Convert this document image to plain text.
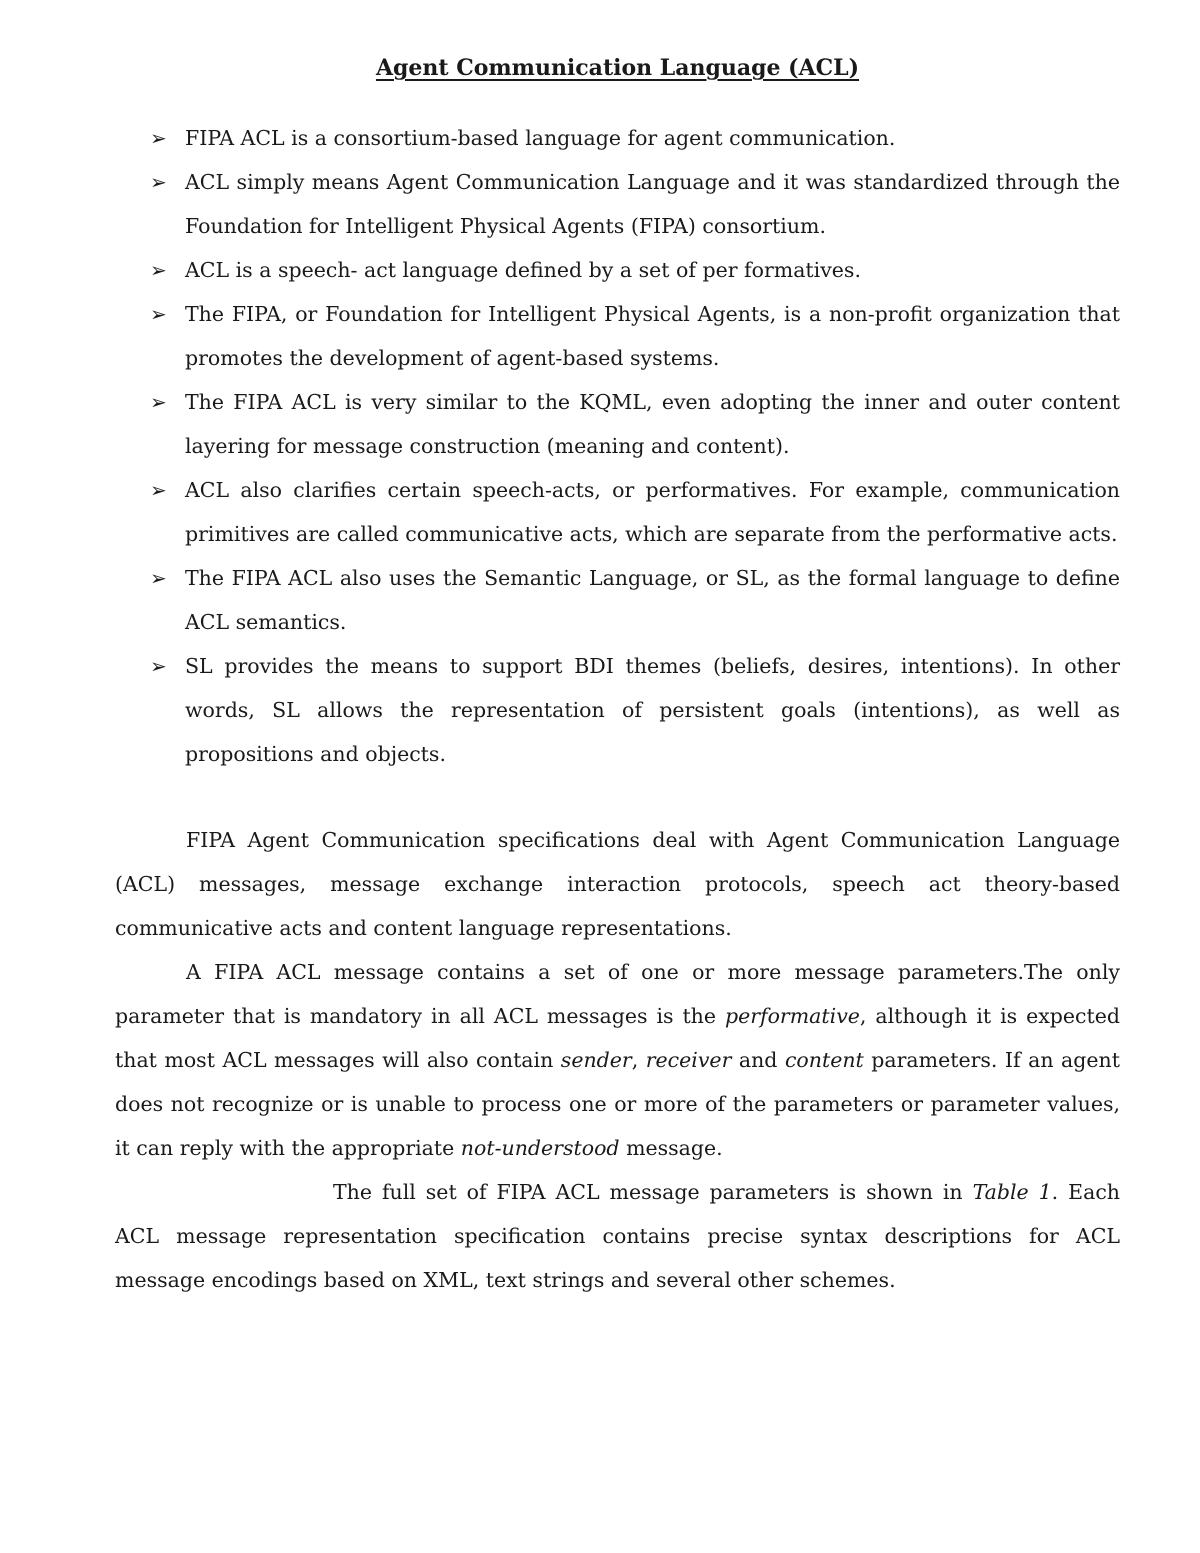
Agent Communication Language (ACL)
➢ FIPA ACL is a consortium-based language for agent communication.
➢ ACL simply means Agent Communication Language and it was standardized through the Foundation for Intelligent Physical Agents (FIPA) consortium.
➢ ACL is a speech- act language defined by a set of per formatives.
➢ The FIPA, or Foundation for Intelligent Physical Agents, is a non-profit organization that promotes the development of agent-based systems.
➢ The FIPA ACL is very similar to the KQML, even adopting the inner and outer content layering for message construction (meaning and content).
➢ ACL also clarifies certain speech-acts, or performatives. For example, communication primitives are called communicative acts, which are separate from the performative acts.
➢ The FIPA ACL also uses the Semantic Language, or SL, as the formal language to define ACL semantics.
➢ SL provides the means to support BDI themes (beliefs, desires, intentions). In other words, SL allows the representation of persistent goals (intentions), as well as propositions and objects.

FIPA Agent Communication specifications deal with Agent Communication Language (ACL) messages, message exchange interaction protocols, speech act theory-based communicative acts and content language representations.

A FIPA ACL message contains a set of one or more message parameters.The only parameter that is mandatory in all ACL messages is the performative, although it is expected that most ACL messages will also contain sender, receiver and content parameters. If an agent does not recognize or is unable to process one or more of the parameters or parameter values, it can reply with the appropriate not-understood message.

The full set of FIPA ACL message parameters is shown in Table 1. Each ACL message representation specification contains precise syntax descriptions for ACL message encodings based on XML, text strings and several other schemes.
